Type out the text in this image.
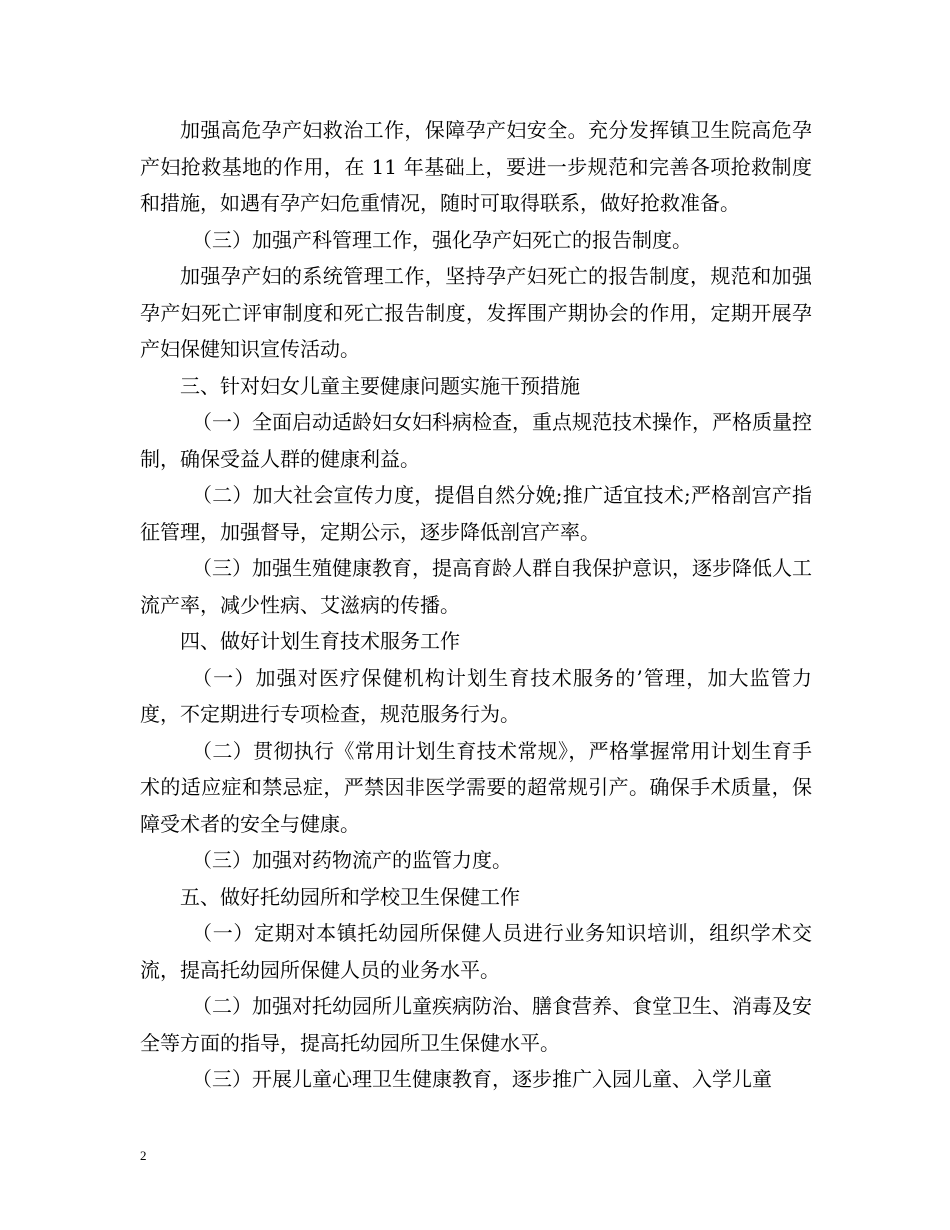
加强高危孕产妇救治工作，保障孕产妇安全。充分发挥镇卫生院高危孕产妇抢救基地的作用，在 11 年基础上，要进一步规范和完善各项抢救制度和措施，如遇有孕产妇危重情况，随时可取得联系，做好抢救准备。

（三）加强产科管理工作，强化孕产妇死亡的报告制度。

加强孕产妇的系统管理工作，坚持孕产妇死亡的报告制度，规范和加强孕产妇死亡评审制度和死亡报告制度，发挥围产期协会的作用，定期开展孕产妇保健知识宣传活动。

三、针对妇女儿童主要健康问题实施干预措施

（一）全面启动适龄妇女妇科病检查，重点规范技术操作，严格质量控制，确保受益人群的健康利益。

（二）加大社会宣传力度，提倡自然分娩;推广适宜技术;严格剖宫产指征管理，加强督导，定期公示，逐步降低剖宫产率。

（三）加强生殖健康教育，提高育龄人群自我保护意识，逐步降低人工流产率，减少性病、艾滋病的传播。

四、做好计划生育技术服务工作

（一）加强对医疗保健机构计划生育技术服务的’管理，加大监管力度，不定期进行专项检查，规范服务行为。

（二）贯彻执行《常用计划生育技术常规》，严格掌握常用计划生育手术的适应症和禁忌症，严禁因非医学需要的超常规引产。确保手术质量，保障受术者的安全与健康。

（三）加强对药物流产的监管力度。

五、做好托幼园所和学校卫生保健工作

（一）定期对本镇托幼园所保健人员进行业务知识培训，组织学术交流，提高托幼园所保健人员的业务水平。

（二）加强对托幼园所儿童疾病防治、膳食营养、食堂卫生、消毒及安全等方面的指导，提高托幼园所卫生保健水平。

（三）开展儿童心理卫生健康教育，逐步推广入园儿童、入学儿童

2
